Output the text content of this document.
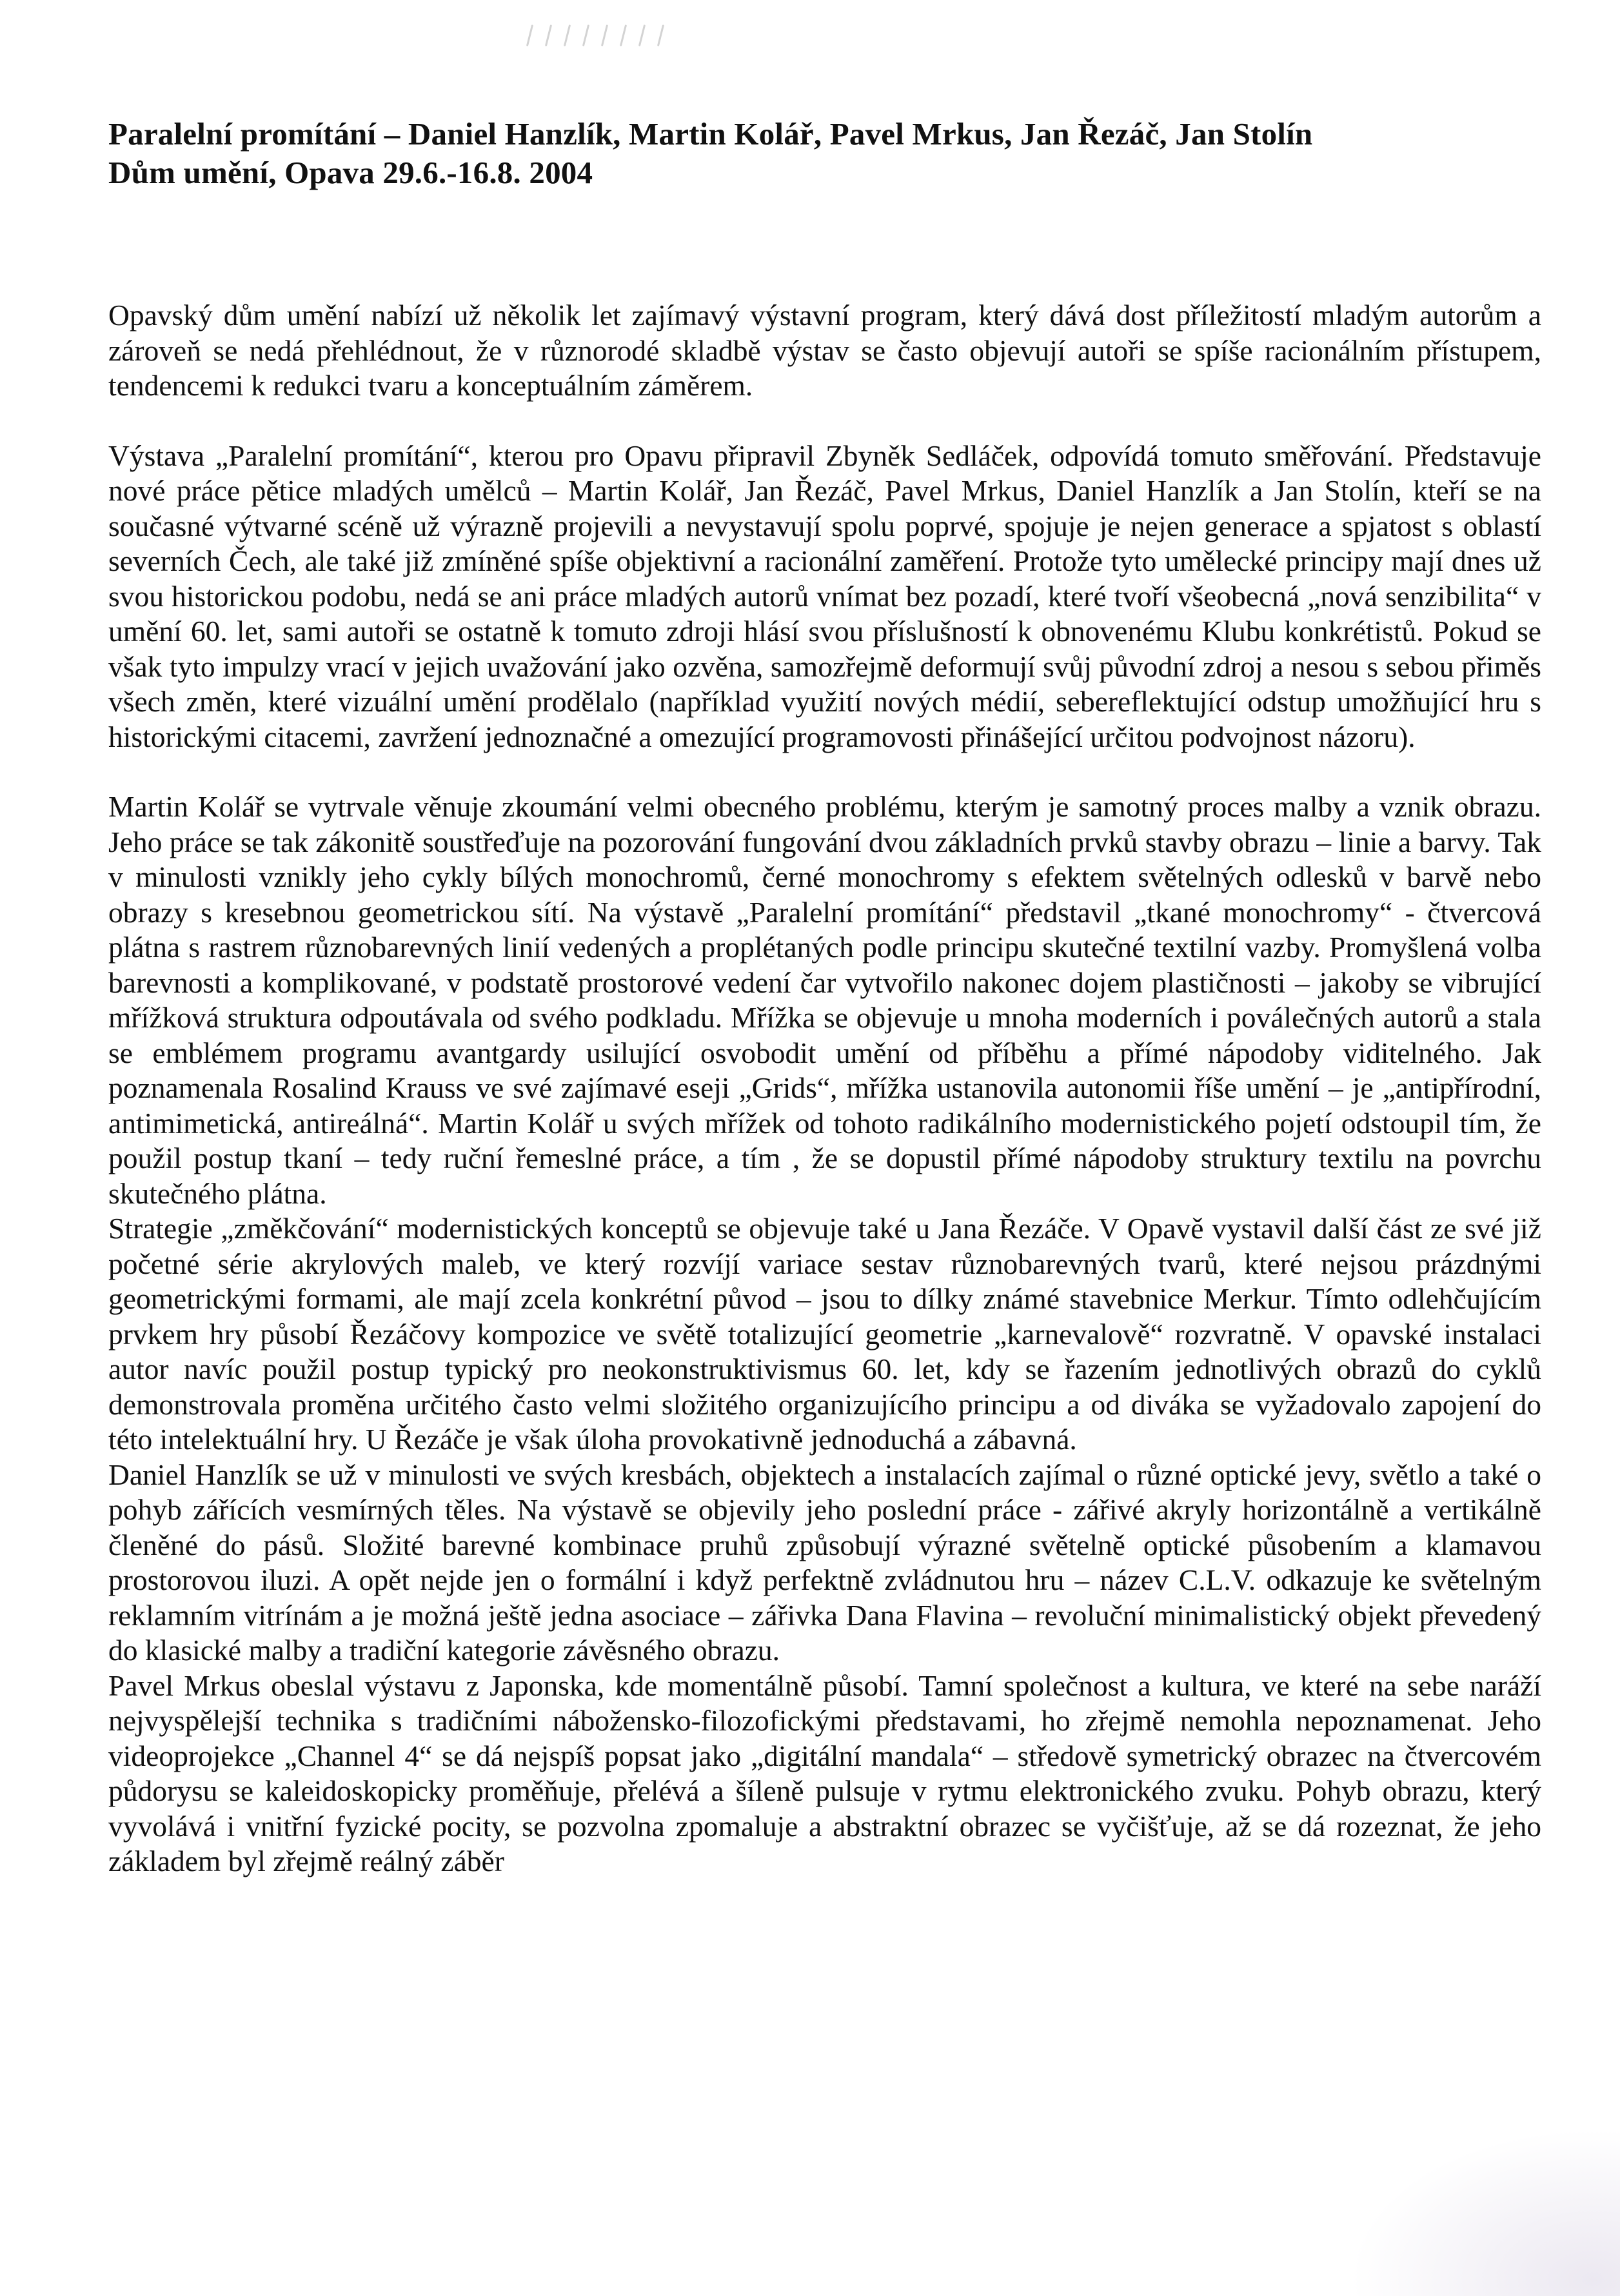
Paralelní promítání – Daniel Hanzlík, Martin Kolář, Pavel Mrkus, Jan Řezáč, Jan Stolín
Dům umění, Opava 29.6.-16.8. 2004

Opavský dům umění nabízí už několik let zajímavý výstavní program, který dává dost příležitostí mladým autorům a zároveň se nedá přehlédnout, že v různorodé skladbě výstav se často objevují autoři se spíše racionálním přístupem, tendencemi k redukci tvaru a konceptuálním záměrem.

Výstava „Paralelní promítání“, kterou pro Opavu připravil Zbyněk Sedláček, odpovídá tomuto směřování. Představuje nové práce pětice mladých umělců – Martin Kolář, Jan Řezáč, Pavel Mrkus, Daniel Hanzlík a Jan Stolín, kteří se na současné výtvarné scéně už výrazně projevili a nevystavují spolu poprvé, spojuje je nejen generace a spjatost s oblastí severních Čech, ale také již zmíněné spíše objektivní a racionální zaměření. Protože tyto umělecké principy mají dnes už svou historickou podobu, nedá se ani práce mladých autorů vnímat bez pozadí, které tvoří všeobecná „nová senzibilita“ v umění 60. let, sami autoři se ostatně k tomuto zdroji hlásí svou příslušností k obnovenému Klubu konkrétistů. Pokud se však tyto impulzy vrací v jejich uvažování jako ozvěna, samozřejmě deformují svůj původní zdroj a nesou s sebou přiměs všech změn, které vizuální umění prodělalo (například využití nových médií, sebereflektující odstup umožňující hru s historickými citacemi, zavržení jednoznačné a omezující programovosti přinášející určitou podvojnost názoru).

Martin Kolář se vytrvale věnuje zkoumání velmi obecného problému, kterým je samotný proces malby a vznik obrazu. Jeho práce se tak zákonitě soustřeďuje na pozorování fungování dvou základních prvků stavby obrazu – linie a barvy. Tak v minulosti vznikly jeho cykly bílých monochromů, černé monochromy s efektem světelných odlesků v barvě nebo obrazy s kresebnou geometrickou sítí. Na výstavě „Paralelní promítání“ představil „tkané monochromy“ - čtvercová plátna s rastrem různobarevných linií vedených a proplétaných podle principu skutečné textilní vazby. Promyšlená volba barevnosti a komplikované, v podstatě prostorové vedení čar vytvořilo nakonec dojem plastičnosti – jakoby se vibrující mřížková struktura odpoutávala od svého podkladu. Mřížka se objevuje u mnoha moderních i poválečných autorů a stala se emblémem programu avantgardy usilující osvobodit umění od příběhu a přímé nápodoby viditelného. Jak poznamenala Rosalind Krauss ve své zajímavé eseji „Grids“, mřížka ustanovila autonomii říše umění – je „antipřírodní, antimimetická, antireálná“. Martin Kolář u svých mřížek od tohoto radikálního modernistického pojetí odstoupil tím, že použil postup tkaní – tedy ruční řemeslné práce, a tím , že se dopustil přímé nápodoby struktury textilu na povrchu skutečného plátna.

Strategie „změkčování“ modernistických konceptů se objevuje také u Jana Řezáče. V Opavě vystavil další část ze své již početné série akrylových maleb, ve který rozvíjí variace sestav různobarevných tvarů, které nejsou prázdnými geometrickými formami, ale mají zcela konkrétní původ – jsou to dílky známé stavebnice Merkur. Tímto odlehčujícím prvkem hry působí Řezáčovy kompozice ve světě totalizující geometrie „karnevalově“ rozvratně. V opavské instalaci autor navíc použil postup typický pro neokonstruktivismus 60. let, kdy se řazením jednotlivých obrazů do cyklů demonstrovala proměna určitého často velmi složitého organizujícího principu a od diváka se vyžadovalo zapojení do této intelektuální hry. U Řezáče je však úloha provokativně jednoduchá a zábavná.

Daniel Hanzlík se už v minulosti ve svých kresbách, objektech a instalacích zajímal o různé optické jevy, světlo a také o pohyb zářících vesmírných těles. Na výstavě se objevily jeho poslední práce - zářivé akryly horizontálně a vertikálně členěné do pásů. Složité barevné kombinace pruhů způsobují výrazné světelně optické působením a klamavou prostorovou iluzi. A opět nejde jen o formální i když perfektně zvládnutou hru – název C.L.V. odkazuje ke světelným reklamním vitrínám a je možná ještě jedna asociace – zářivka Dana Flavina – revoluční minimalistický objekt převedený do klasické malby a tradiční kategorie závěsného obrazu.

Pavel Mrkus obeslal výstavu z Japonska, kde momentálně působí. Tamní společnost a kultura, ve které na sebe naráží nejvyspělejší technika s tradičními nábožensko-filozofickými představami, ho zřejmě nemohla nepoznamenat. Jeho videoprojekce „Channel 4“ se dá nejspíš popsat jako „digitální mandala“ – středově symetrický obrazec na čtvercovém půdorysu se kaleidoskopicky proměňuje, přelévá a šíleně pulsuje v rytmu elektronického zvuku. Pohyb obrazu, který vyvolává i vnitřní fyzické pocity, se pozvolna zpomaluje a abstraktní obrazec se vyčišťuje, až se dá rozeznat, že jeho základem byl zřejmě reálný záběr
